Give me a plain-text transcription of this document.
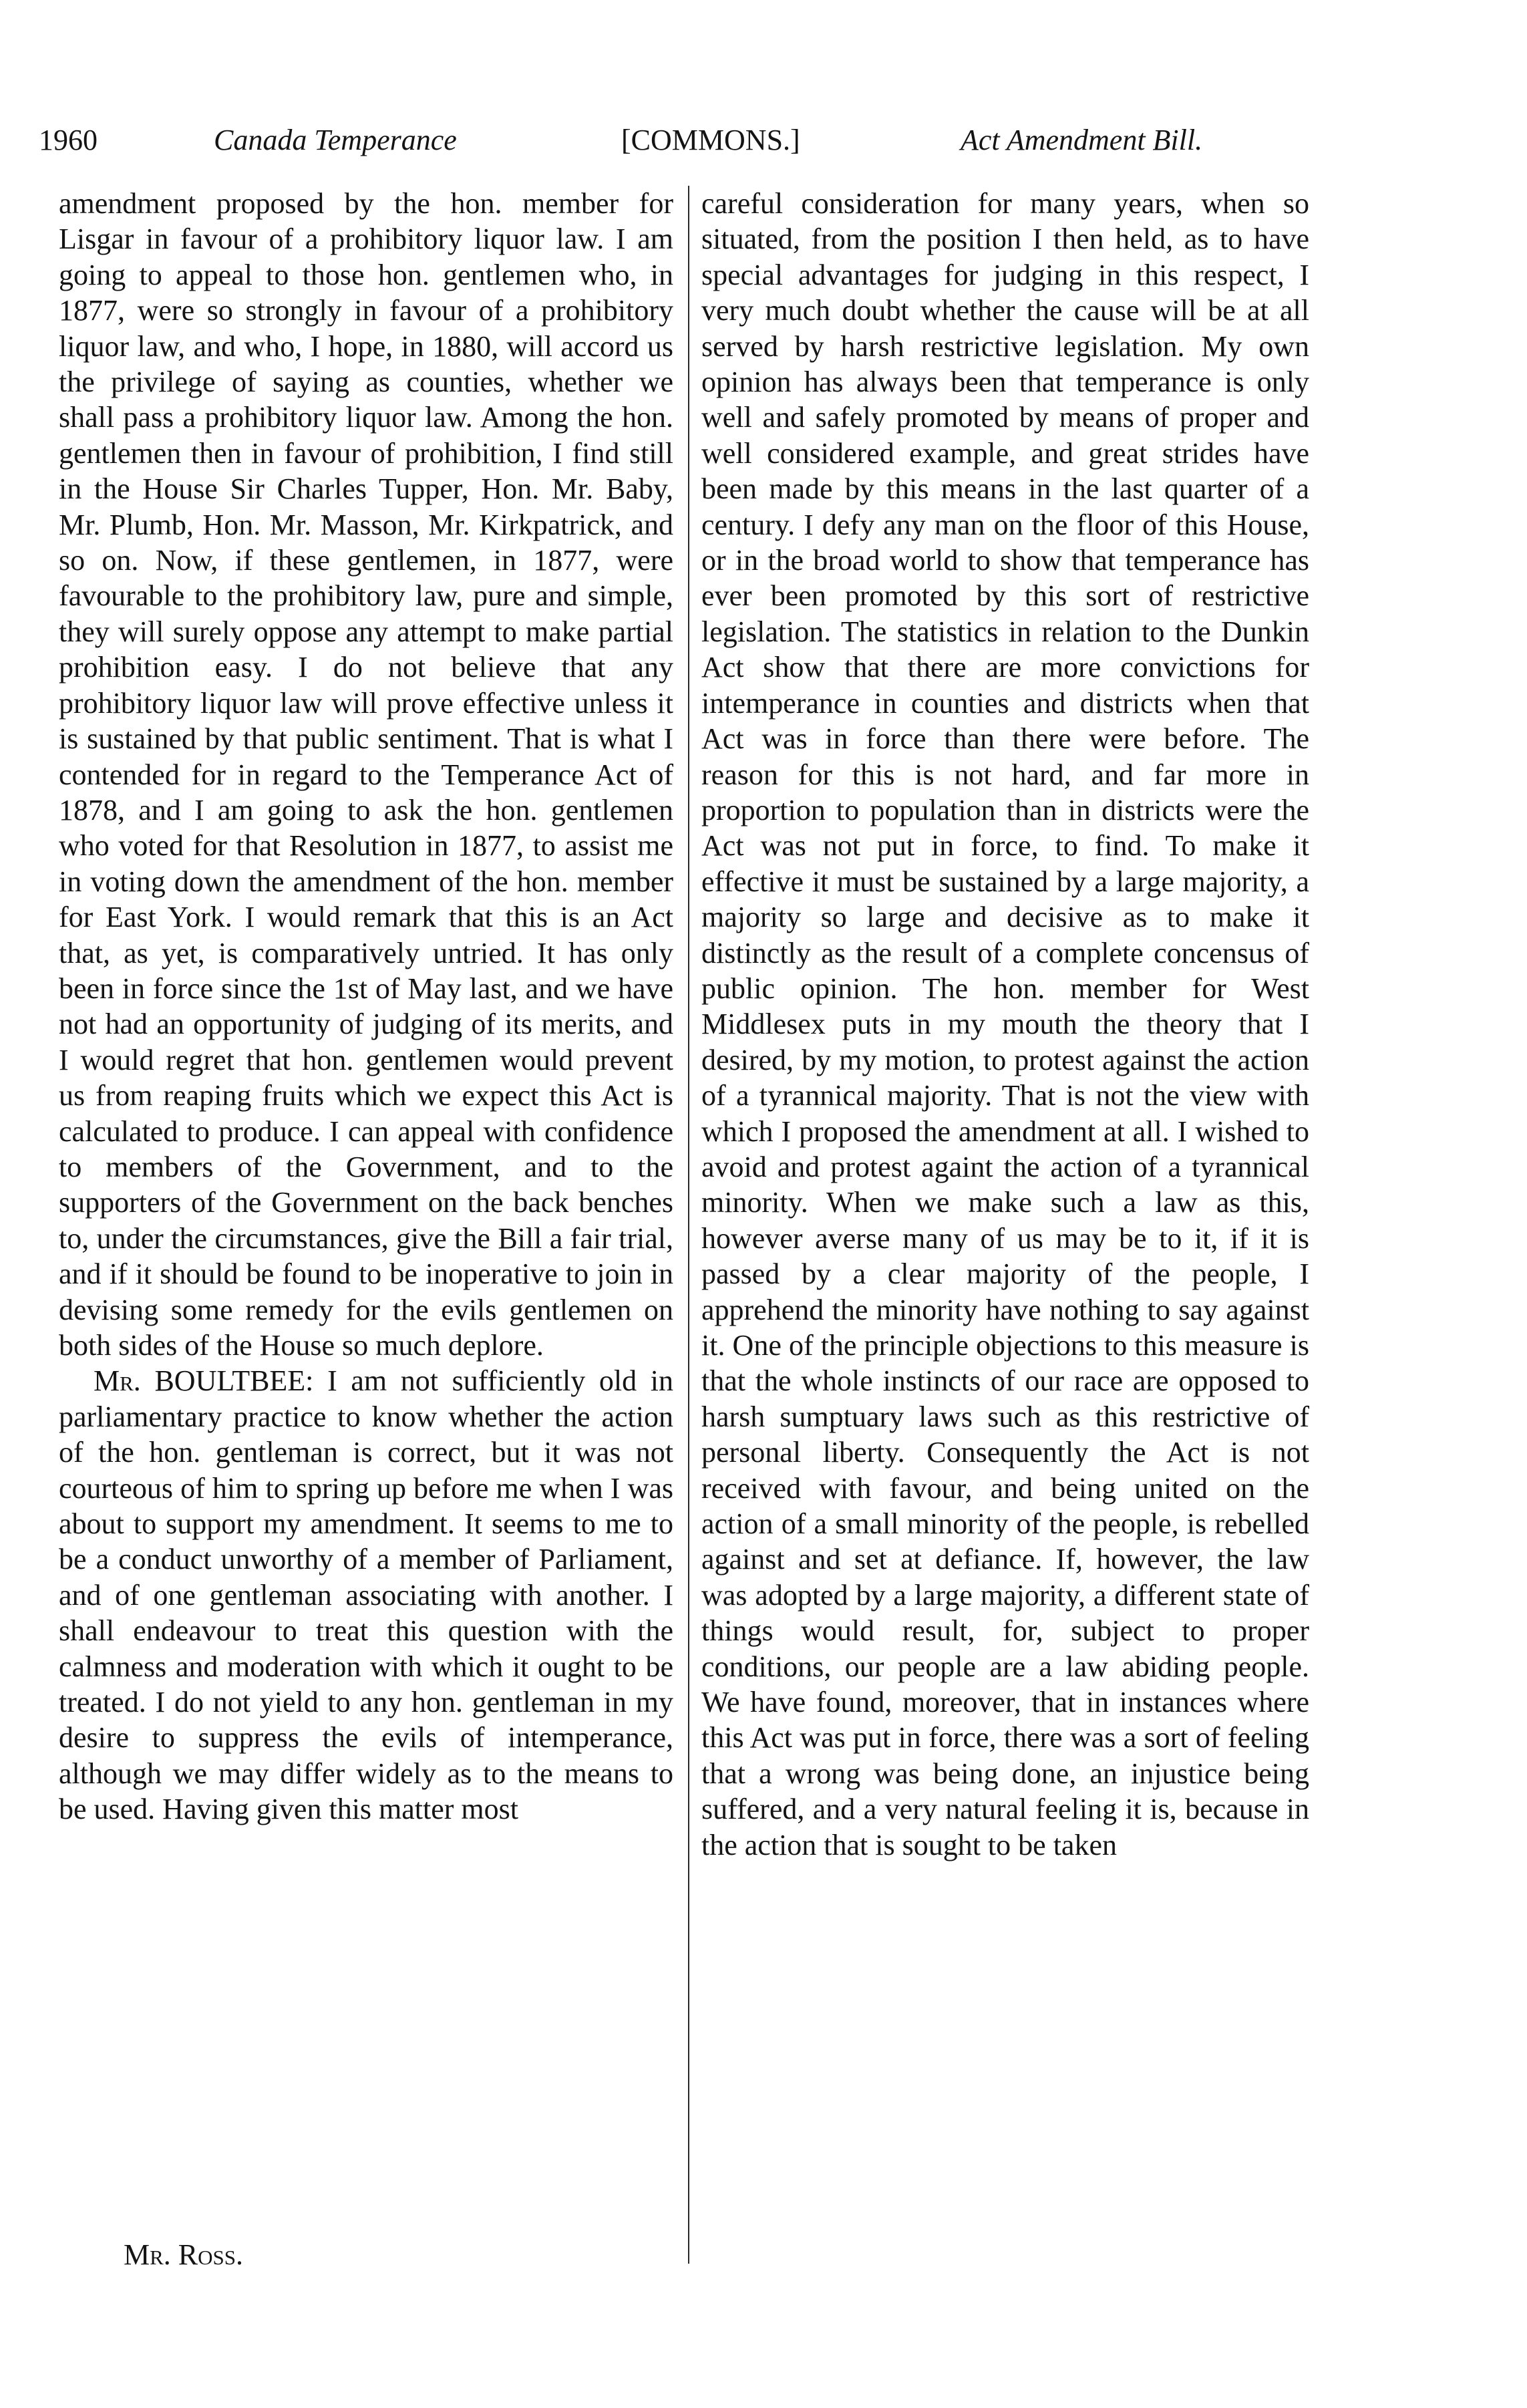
1960	Canada Temperance	[COMMONS.]	Act Amendment Bill.

amendment proposed by the hon. member for Lisgar in favour of a prohibitory liquor law. I am going to appeal to those hon. gentlemen who, in 1877, were so strongly in favour of a prohibitory liquor law, and who, I hope, in 1880, will accord us the privilege of saying as counties, whether we shall pass a prohibitory liquor law. Among the hon. gentlemen then in favour of prohibition, I find still in the House Sir Charles Tupper, Hon. Mr. Baby, Mr. Plumb, Hon. Mr. Masson, Mr. Kirkpatrick, and so on. Now, if these gentlemen, in 1877, were favourable to the prohibitory law, pure and simple, they will surely oppose any attempt to make partial prohibition easy. I do not believe that any prohibitory liquor law will prove effective unless it is sustained by that public sentiment. That is what I contended for in regard to the Temperance Act of 1878, and I am going to ask the hon. gentlemen who voted for that Resolution in 1877, to assist me in voting down the amendment of the hon. member for East York. I would remark that this is an Act that, as yet, is comparatively untried. It has only been in force since the 1st of May last, and we have not had an opportunity of judging of its merits, and I would regret that hon. gentlemen would prevent us from reaping fruits which we expect this Act is calculated to produce. I can appeal with confidence to members of the Government, and to the supporters of the Government on the back benches to, under the circumstances, give the Bill a fair trial, and if it should be found to be inoperative to join in devising some remedy for the evils gentlemen on both sides of the House so much deplore.

Mr. BOULTBEE: I am not sufficiently old in parliamentary practice to know whether the action of the hon. gentleman is correct, but it was not courteous of him to spring up before me when I was about to support my amendment. It seems to me to be a conduct unworthy of a member of Parliament, and of one gentleman associating with another. I shall endeavour to treat this question with the calmness and moderation with which it ought to be treated. I do not yield to any hon. gentleman in my desire to suppress the evils of intemperance, although we may differ widely as to the means to be used. Having given this matter most

careful consideration for many years, when so situated, from the position I then held, as to have special advantages for judging in this respect, I very much doubt whether the cause will be at all served by harsh restrictive legislation. My own opinion has always been that temperance is only well and safely promoted by means of proper and well considered example, and great strides have been made by this means in the last quarter of a century. I defy any man on the floor of this House, or in the broad world to show that temperance has ever been promoted by this sort of restrictive legislation. The statistics in relation to the Dunkin Act show that there are more convictions for intemperance in counties and districts when that Act was in force than there were before. The reason for this is not hard, and far more in proportion to population than in districts were the Act was not put in force, to find. To make it effective it must be sustained by a large majority, a majority so large and decisive as to make it distinctly as the result of a complete concensus of public opinion. The hon. member for West Middlesex puts in my mouth the theory that I desired, by my motion, to protest against the action of a tyrannical majority. That is not the view with which I proposed the amendment at all. I wished to avoid and protest againt the action of a tyrannical minority. When we make such a law as this, however averse many of us may be to it, if it is passed by a clear majority of the people, I apprehend the minority have nothing to say against it. One of the principle objections to this measure is that the whole instincts of our race are opposed to harsh sumptuary laws such as this restrictive of personal liberty. Consequently the Act is not received with favour, and being united on the action of a small minority of the people, is rebelled against and set at defiance. If, however, the law was adopted by a large majority, a different state of things would result, for, subject to proper conditions, our people are a law abiding people. We have found, moreover, that in instances where this Act was put in force, there was a sort of feeling that a wrong was being done, an injustice being suffered, and a very natural feeling it is, because in the action that is sought to be taken

Mr. Ross.
